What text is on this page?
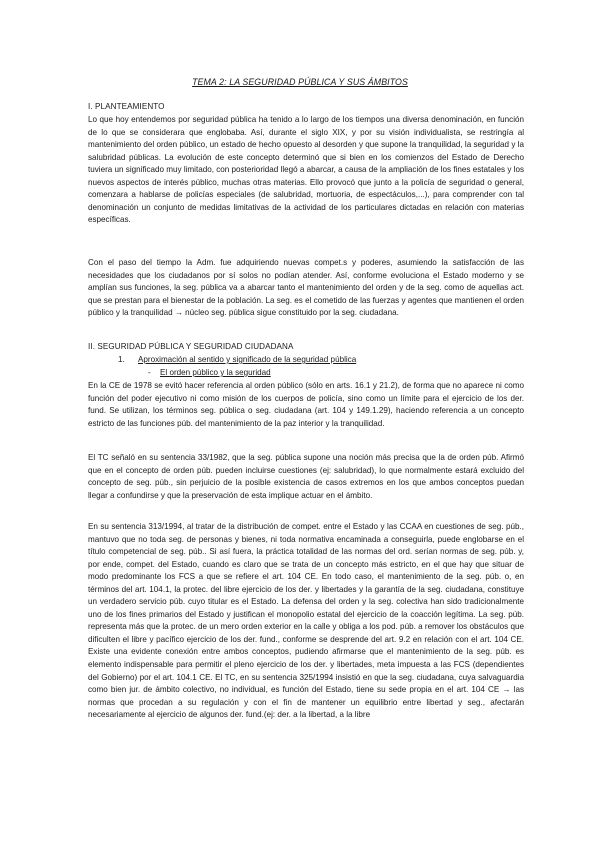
TEMA 2: LA SEGURIDAD PÚBLICA Y SUS ÁMBITOS

I. PLANTEAMIENTO

Lo que hoy entendemos por seguridad pública ha tenido a lo largo de los tiempos una diversa denominación, en función de lo que se considerara que englobaba. Así, durante el siglo XIX, y por su visión individualista, se restringía al mantenimiento del orden público, un estado de hecho opuesto al desorden y que supone la tranquilidad, la seguridad y la salubridad públicas. La evolución de este concepto determinó que si bien en los comienzos del Estado de Derecho tuviera un significado muy limitado, con posterioridad llegó a abarcar, a causa de la ampliación de los fines estatales y los nuevos aspectos de interés público, muchas otras materias. Ello provocó que junto a la policía de seguridad o general, comenzara a hablarse de policías especiales (de salubridad, mortuoria, de espectáculos,...), para comprender con tal denominación un conjunto de medidas limitativas de la actividad de los particulares dictadas en relación con materias específicas.

Con el paso del tiempo la Adm. fue adquiriendo nuevas compet.s y poderes, asumiendo la satisfacción de las necesidades que los ciudadanos por sí solos no podían atender. Así, conforme evoluciona el Estado moderno y se amplían sus funciones, la seg. pública va a abarcar tanto el mantenimiento del orden y de la seg. como de aquellas act. que se prestan para el bienestar de la población. La seg. es el cometido de las fuerzas y agentes que mantienen el orden público y la tranquilidad → núcleo seg. pública sigue constituido por la seg. ciudadana.

II. SEGURIDAD PÚBLICA Y SEGURIDAD CIUDADANA

1. Aproximación al sentido y significado de la seguridad pública
- El orden público y la seguridad

En la CE de 1978 se evitó hacer referencia al orden público (sólo en arts. 16.1 y 21.2), de forma que no aparece ni como función del poder ejecutivo ni como misión de los cuerpos de policía, sino como un límite para el ejercicio de los der. fund. Se utilizan, los términos seg. pública o seg. ciudadana (art. 104 y 149.1.29), haciendo referencia a un concepto estricto de las funciones púb. del mantenimiento de la paz interior y la tranquilidad.

El TC señaló en su sentencia 33/1982, que la seg. pública supone una noción más precisa que la de orden púb. Afirmó que en el concepto de orden púb. pueden incluirse cuestiones (ej: salubridad), lo que normalmente estará excluido del concepto de seg. púb., sin perjuicio de la posible existencia de casos extremos en los que ambos conceptos puedan llegar a confundirse y que la preservación de esta implique actuar en el ámbito.

En su sentencia 313/1994, al tratar de la distribución de compet. entre el Estado y las CCAA en cuestiones de seg. púb., mantuvo que no toda seg. de personas y bienes, ni toda normativa encaminada a conseguirla, puede englobarse en el título competencial de seg. púb.. Si así fuera, la práctica totalidad de las normas del ord. serían normas de seg. púb. y, por ende, compet. del Estado, cuando es claro que se trata de un concepto más estricto, en el que hay que situar de modo predominante los FCS a que se refiere el art. 104 CE. En todo caso, el mantenimiento de la seg. púb. o, en términos del art. 104.1, la protec. del libre ejercicio de los der. y libertades y la garantía de la seg. ciudadana, constituye un verdadero servicio púb. cuyo titular es el Estado. La defensa del orden y la seg. colectiva han sido tradicionalmente uno de los fines primarios del Estado y justifican el monopolio estatal del ejercicio de la coacción legítima. La seg. púb. representa más que la protec. de un mero orden exterior en la calle y obliga a los pod. púb. a remover los obstáculos que dificulten el libre y pacífico ejercicio de los der. fund., conforme se desprende del art. 9.2 en relación con el art. 104 CE. Existe una evidente conexión entre ambos conceptos, pudiendo afirmarse que el mantenimiento de la seg. púb. es elemento indispensable para permitir el pleno ejercicio de los der. y libertades, meta impuesta a las FCS (dependientes del Gobierno) por el art. 104.1 CE. El TC, en su sentencia 325/1994 insistió en que la seg. ciudadana, cuya salvaguardia como bien jur. de ámbito colectivo, no individual, es función del Estado, tiene su sede propia en el art. 104 CE → las normas que procedan a su regulación y con el fin de mantener un equilibrio entre libertad y seg., afectarán necesariamente al ejercicio de algunos der. fund.(ej: der. a la libertad, a la libre
